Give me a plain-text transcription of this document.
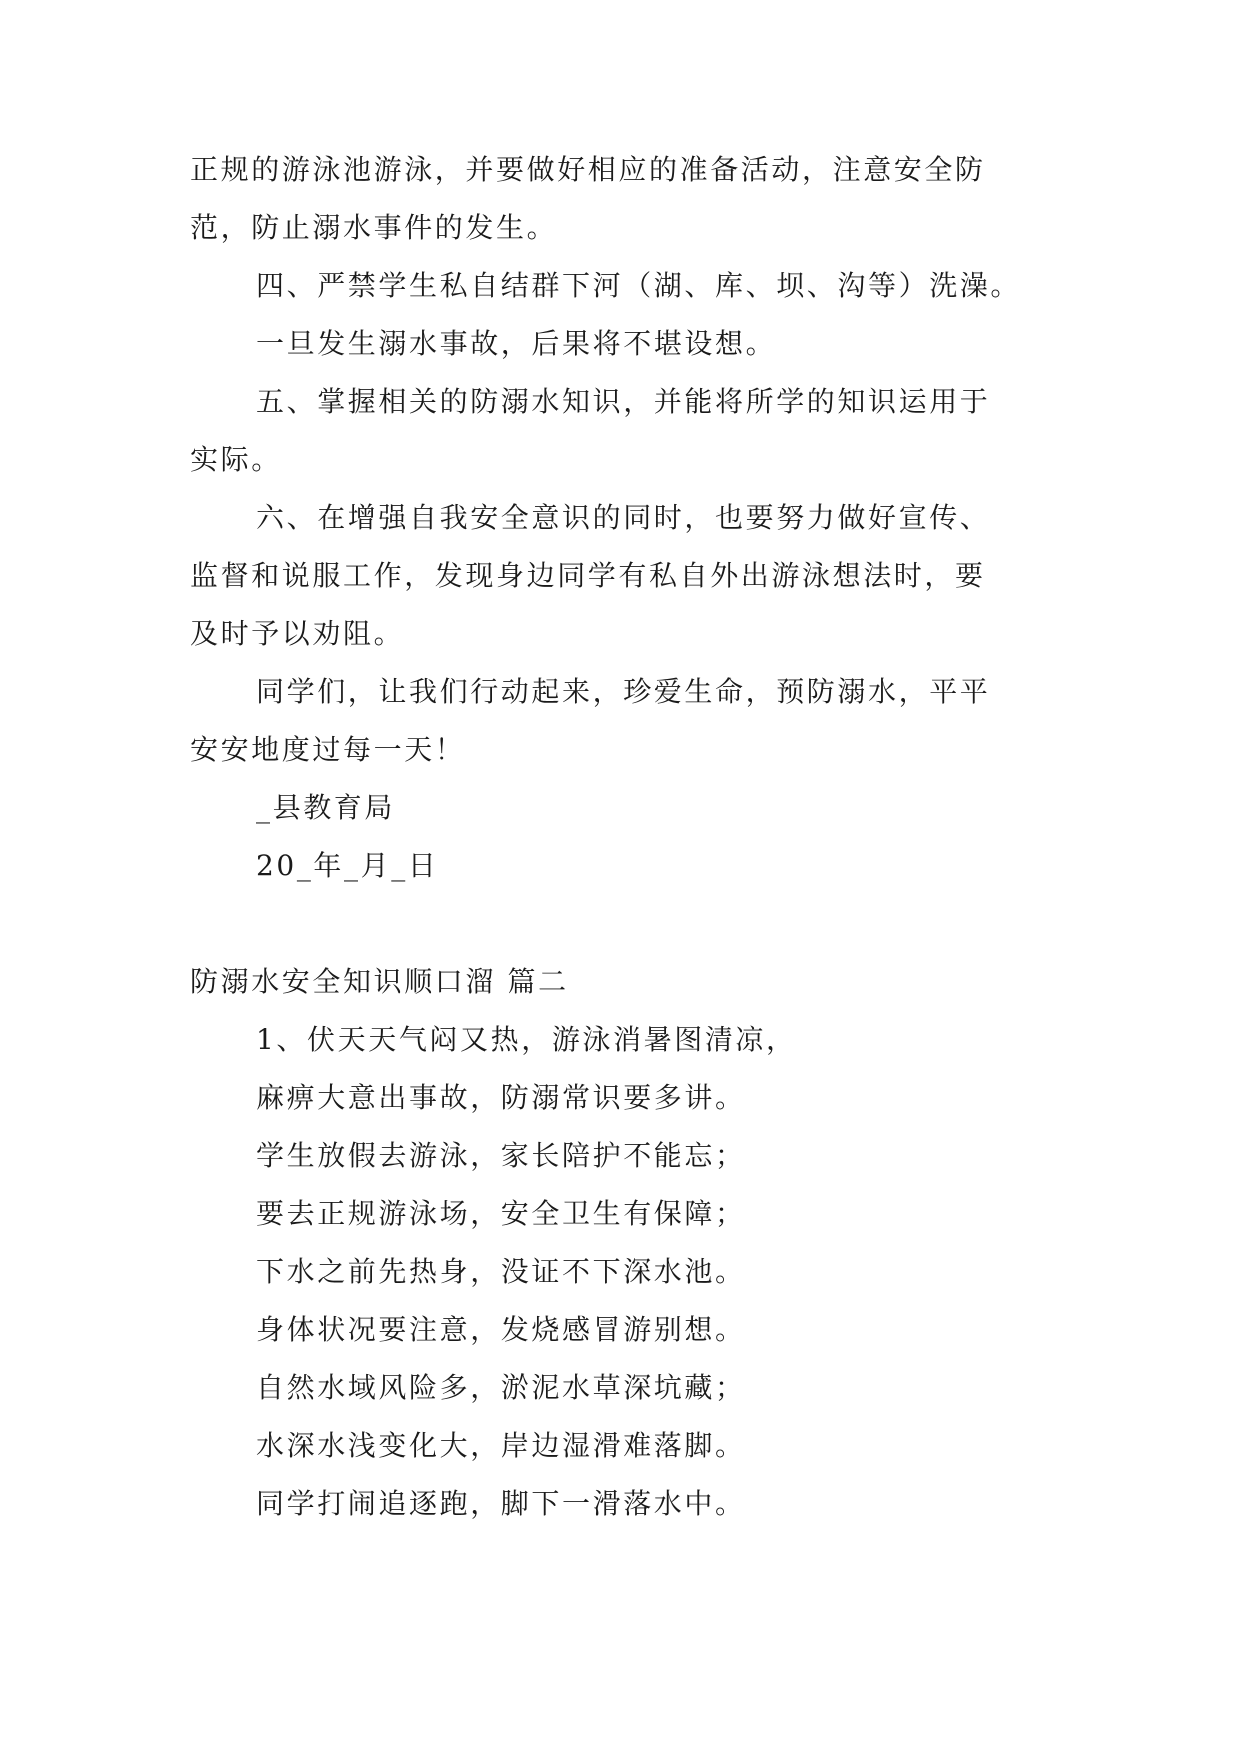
正规的游泳池游泳，并要做好相应的准备活动，注意安全防
范，防止溺水事件的发生。
四、严禁学生私自结群下河（湖、库、坝、沟等）洗澡。
一旦发生溺水事故，后果将不堪设想。
五、掌握相关的防溺水知识，并能将所学的知识运用于
实际。
六、在增强自我安全意识的同时，也要努力做好宣传、
监督和说服工作，发现身边同学有私自外出游泳想法时，要
及时予以劝阻。
同学们，让我们行动起来，珍爱生命，预防溺水，平平
安安地度过每一天！
_县教育局
20_年_月_日
防溺水安全知识顺口溜 篇二
1、伏天天气闷又热，游泳消暑图清凉，
麻痹大意出事故，防溺常识要多讲。
学生放假去游泳，家长陪护不能忘；
要去正规游泳场，安全卫生有保障；
下水之前先热身，没证不下深水池。
身体状况要注意，发烧感冒游别想。
自然水域风险多，淤泥水草深坑藏；
水深水浅变化大，岸边湿滑难落脚。
同学打闹追逐跑，脚下一滑落水中。
